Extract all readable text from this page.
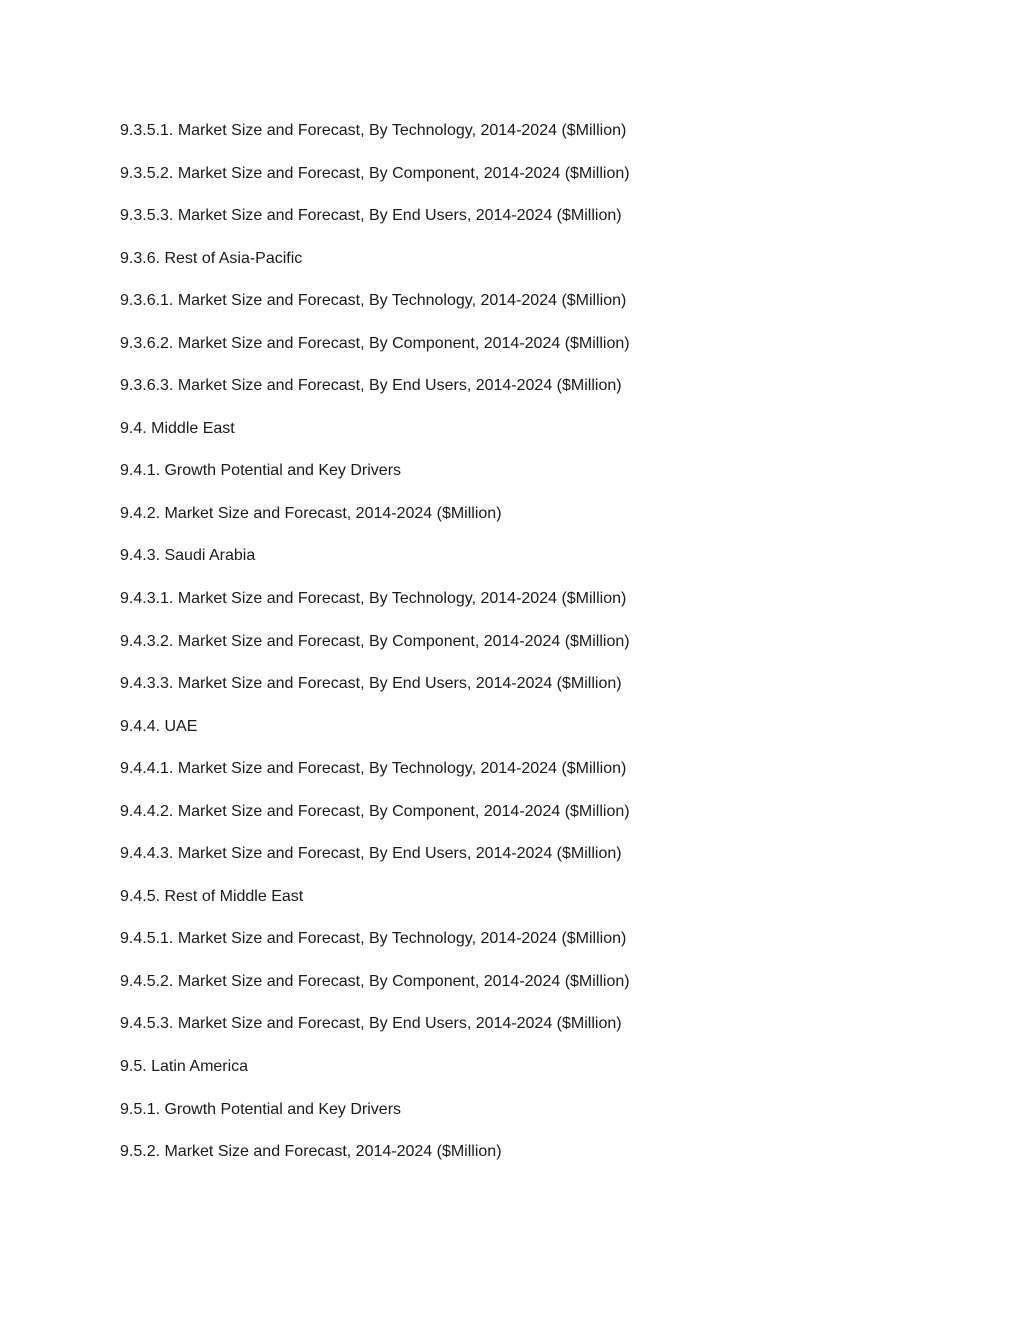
9.3.5.1. Market Size and Forecast, By Technology, 2014-2024 ($Million)
9.3.5.2. Market Size and Forecast, By Component, 2014-2024 ($Million)
9.3.5.3. Market Size and Forecast, By End Users, 2014-2024 ($Million)
9.3.6. Rest of Asia-Pacific
9.3.6.1. Market Size and Forecast, By Technology, 2014-2024 ($Million)
9.3.6.2. Market Size and Forecast, By Component, 2014-2024 ($Million)
9.3.6.3. Market Size and Forecast, By End Users, 2014-2024 ($Million)
9.4. Middle East
9.4.1. Growth Potential and Key Drivers
9.4.2. Market Size and Forecast, 2014-2024 ($Million)
9.4.3. Saudi Arabia
9.4.3.1. Market Size and Forecast, By Technology, 2014-2024 ($Million)
9.4.3.2. Market Size and Forecast, By Component, 2014-2024 ($Million)
9.4.3.3. Market Size and Forecast, By End Users, 2014-2024 ($Million)
9.4.4. UAE
9.4.4.1. Market Size and Forecast, By Technology, 2014-2024 ($Million)
9.4.4.2. Market Size and Forecast, By Component, 2014-2024 ($Million)
9.4.4.3. Market Size and Forecast, By End Users, 2014-2024 ($Million)
9.4.5. Rest of Middle East
9.4.5.1. Market Size and Forecast, By Technology, 2014-2024 ($Million)
9.4.5.2. Market Size and Forecast, By Component, 2014-2024 ($Million)
9.4.5.3. Market Size and Forecast, By End Users, 2014-2024 ($Million)
9.5. Latin America
9.5.1. Growth Potential and Key Drivers
9.5.2. Market Size and Forecast, 2014-2024 ($Million)
